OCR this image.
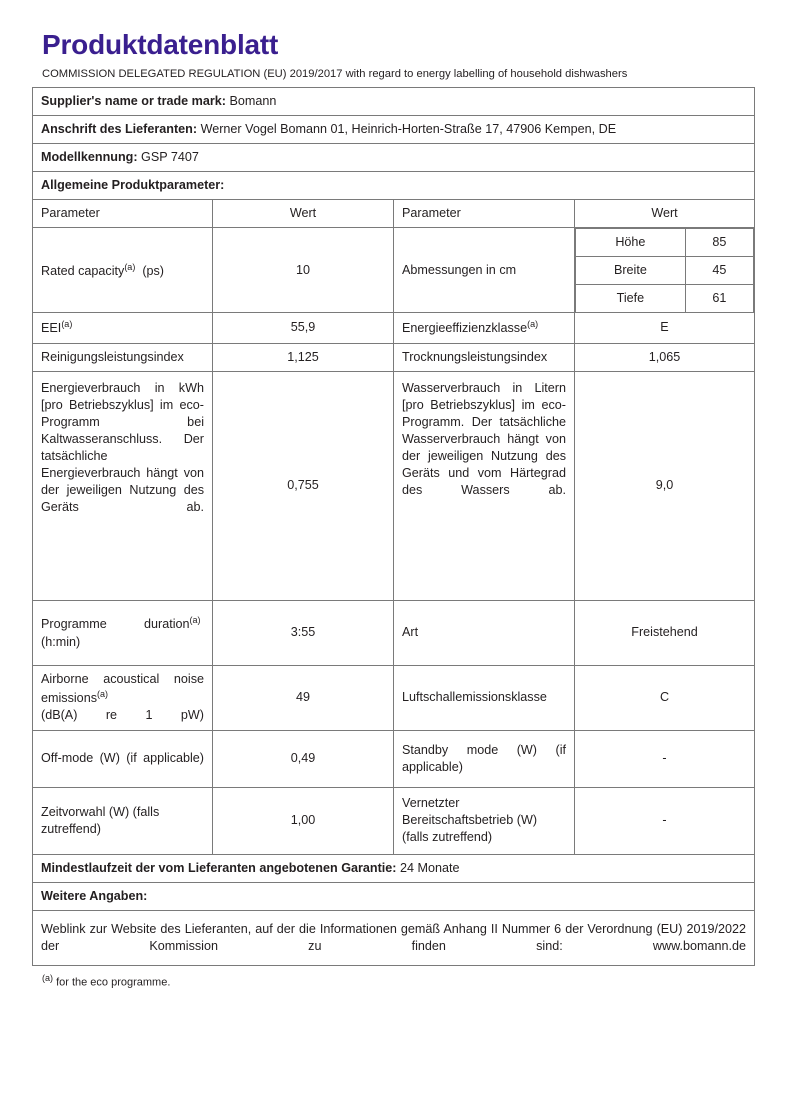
Produktdatenblatt
COMMISSION DELEGATED REGULATION (EU) 2019/2017 with regard to energy labelling of household dishwashers
Supplier's name or trade mark: Bomann
Anschrift des Lieferanten: Werner Vogel Bomann 01, Heinrich-Horten-Straße 17, 47906 Kempen, DE
Modellkennung: GSP 7407
Allgemeine Produktparameter:
Parameter	Wert	Parameter	Wert
Rated capacity$^{(a)}$ (ps)	10	Abmessungen in cm	
Höhe	85
Breite	45
Tiefe	61

EEI$^{(a)}$	55,9	Energieeffizienzklasse$^{(a)}$	E
Reinigungsleistungsindex	1,125	Trocknungsleistungsindex	1,065
Energieverbrauch in kWh [pro Betriebszyklus] im eco-Programm bei Kaltwasseranschluss. Der tatsächliche Energieverbrauch hängt von der jeweiligen Nutzung des Geräts ab.	0,755	Wasserverbrauch in Litern [pro Betriebszyklus] im eco-Programm. Der tatsächliche Wasserverbrauch hängt von der jeweiligen Nutzung des Geräts und vom Härtegrad des Wassers ab.	9,0
Programme duration$^{(a)}$  (h:min)	3:55	Art	Freistehend
Airborne acoustical noise emissions$^{(a)}$
(dB(A) re 1 pW)	49	Luftschallemissionsklasse	C
Off-mode (W) (if applicable)	0,49	Standby mode (W) (if applicable)	-
Zeitvorwahl (W) (falls zutreffend)	1,00	Vernetzter Bereitschaftsbetrieb (W) (falls zutreffend)	-
Mindestlaufzeit der vom Lieferanten angebotenen Garantie: 24 Monate
Weitere Angaben:
Weblink zur Website des Lieferanten, auf der die Informationen gemäß Anhang II Nummer 6 der Verordnung (EU) 2019/2022 der Kommission zu finden sind:	www.bomann.de
$^{(a)}$ for the eco programme.
